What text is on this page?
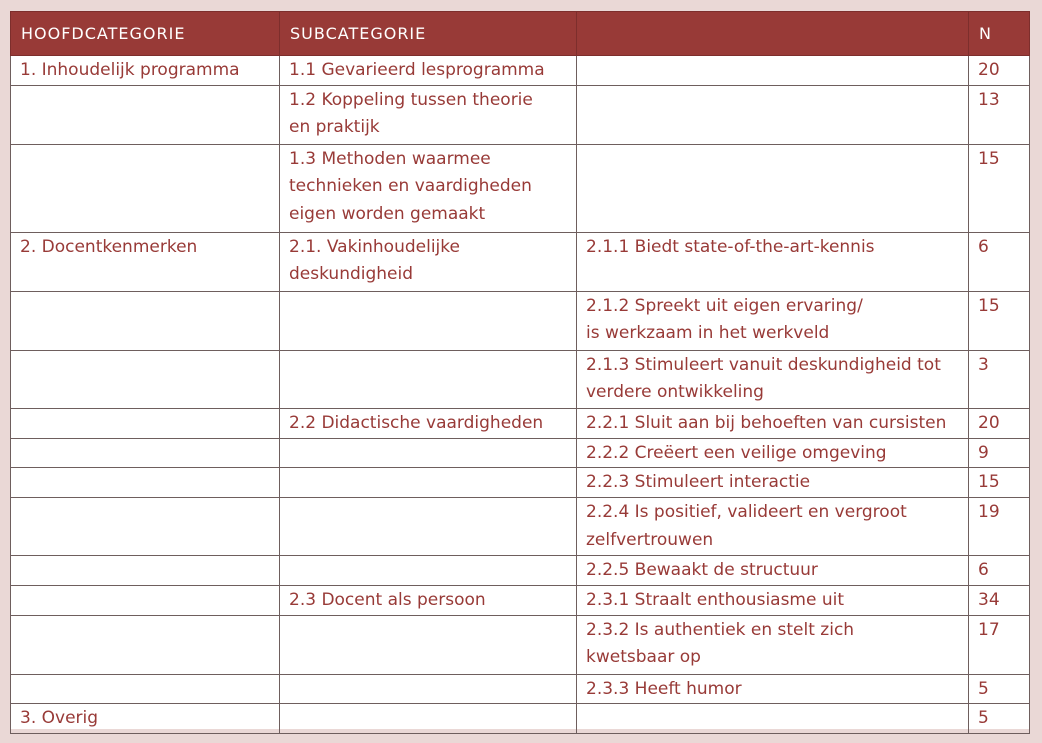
HOOFDCATEGORIE	SUBCATEGORIE		N
1. Inhoudelijk programma	1.1 Gevarieerd lesprogramma		20

	1.2 Koppeling tussen theorie
en praktijk		13

	1.3 Methoden waarmee
technieken en vaardigheden
eigen worden gemaakt		15
2. Docentkenmerken	2.1. Vakinhoudelijke
deskundigheid	2.1.1 Biedt state-of-the-art-kennis	6

		2.1.2 Spreekt uit eigen ervaring/
is werkzaam in het werkveld	15

		2.1.3 Stimuleert vanuit deskundigheid tot
verdere ontwikkeling	3

	2.2 Didactische vaardigheden	2.2.1 Sluit aan bij behoeften van cursisten	20

		2.2.2 Creëert een veilige omgeving	9

		2.2.3 Stimuleert interactie	15

		2.2.4 Is positief, valideert en vergroot
zelfvertrouwen	19

		2.2.5 Bewaakt de structuur	6

	2.3 Docent als persoon	2.3.1 Straalt enthousiasme uit	34

		2.3.2 Is authentiek en stelt zich
kwetsbaar op	17

		2.3.3 Heeft humor	5
3. Overig			5
